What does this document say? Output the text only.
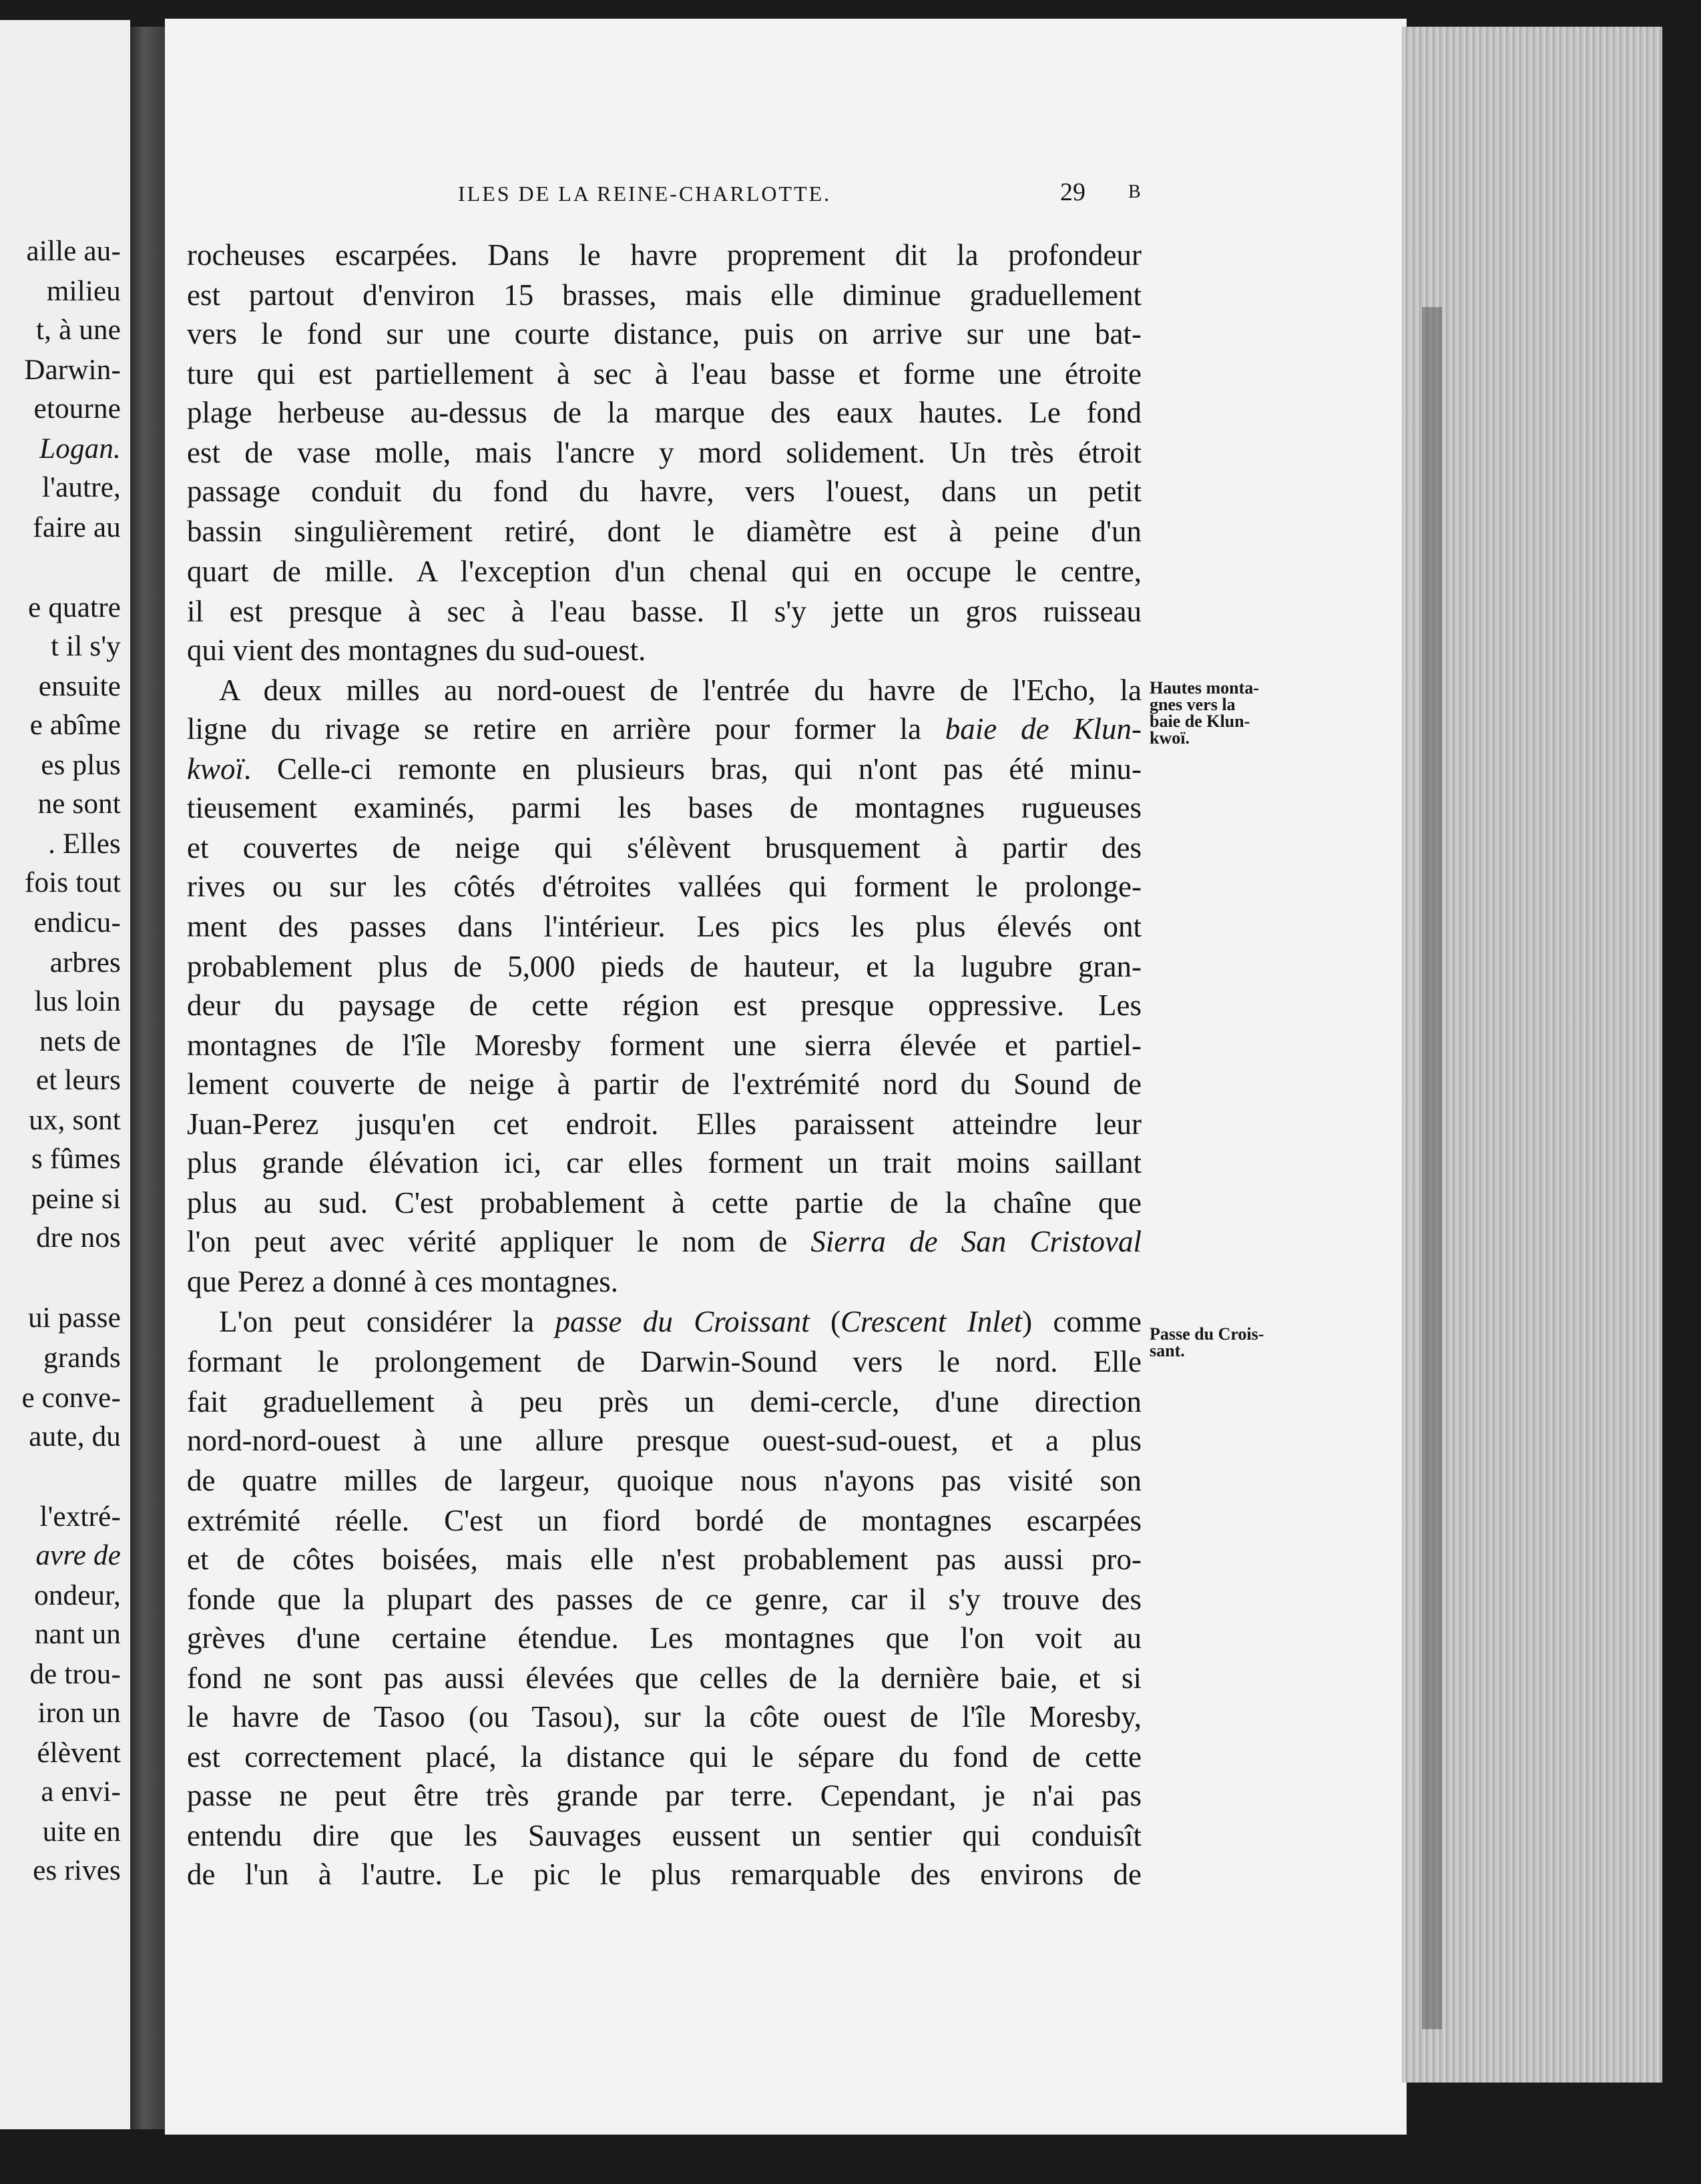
aille au-
milieu
t, à une
Darwin-
etourne
Logan.
l'autre,
faire au
e quatre
t il s'y
ensuite
e abîme
es plus
ne sont
. Elles
fois tout
endicu-
arbres
lus loin
nets de
et leurs
ux, sont
s fûmes
peine si
dre nos
ui passe
grands
e conve-
aute, du
l'extré-
avre de
ondeur,
nant un
de trou-
iron un
élèvent
a envi-
uite en
es rives
ILES DE LA REINE-CHARLOTTE.	29 B
rocheuses escarpées. Dans le havre proprement dit la profondeur
est partout d'environ 15 brasses, mais elle diminue graduellement
vers le fond sur une courte distance, puis on arrive sur une bat-
ture qui est partiellement à sec à l'eau basse et forme une étroite
plage herbeuse au-dessus de la marque des eaux hautes. Le fond
est de vase molle, mais l'ancre y mord solidement. Un très étroit
passage conduit du fond du havre, vers l'ouest, dans un petit
bassin singulièrement retiré, dont le diamètre est à peine d'un
quart de mille. A l'exception d'un chenal qui en occupe le centre,
il est presque à sec à l'eau basse. Il s'y jette un gros ruisseau
qui vient des montagnes du sud-ouest.
A deux milles au nord-ouest de l'entrée du havre de l'Echo, la
ligne du rivage se retire en arrière pour former la baie de Klun-
kwoï. Celle-ci remonte en plusieurs bras, qui n'ont pas été minu-
tieusement examinés, parmi les bases de montagnes rugueuses
et couvertes de neige qui s'élèvent brusquement à partir des
rives ou sur les côtés d'étroites vallées qui forment le prolonge-
ment des passes dans l'intérieur. Les pics les plus élevés ont
probablement plus de 5,000 pieds de hauteur, et la lugubre gran-
deur du paysage de cette région est presque oppressive. Les
montagnes de l'île Moresby forment une sierra élevée et partiel-
lement couverte de neige à partir de l'extrémité nord du Sound de
Juan-Perez jusqu'en cet endroit. Elles paraissent atteindre leur
plus grande élévation ici, car elles forment un trait moins saillant
plus au sud. C'est probablement à cette partie de la chaîne que
l'on peut avec vérité appliquer le nom de Sierra de San Cristoval
que Perez a donné à ces montagnes.
L'on peut considérer la passe du Croissant (Crescent Inlet) comme
formant le prolongement de Darwin-Sound vers le nord. Elle
fait graduellement à peu près un demi-cercle, d'une direction
nord-nord-ouest à une allure presque ouest-sud-ouest, et a plus
de quatre milles de largeur, quoique nous n'ayons pas visité son
extrémité réelle. C'est un fiord bordé de montagnes escarpées
et de côtes boisées, mais elle n'est probablement pas aussi pro-
fonde que la plupart des passes de ce genre, car il s'y trouve des
grèves d'une certaine étendue. Les montagnes que l'on voit au
fond ne sont pas aussi élevées que celles de la dernière baie, et si
le havre de Tasoo (ou Tasou), sur la côte ouest de l'île Moresby,
est correctement placé, la distance qui le sépare du fond de cette
passe ne peut être très grande par terre. Cependant, je n'ai pas
entendu dire que les Sauvages eussent un sentier qui conduisît
de l'un à l'autre. Le pic le plus remarquable des environs de
Hautes monta-
gnes vers la
baie de Klun-
kwoï.
Passe du Crois-
sant.
